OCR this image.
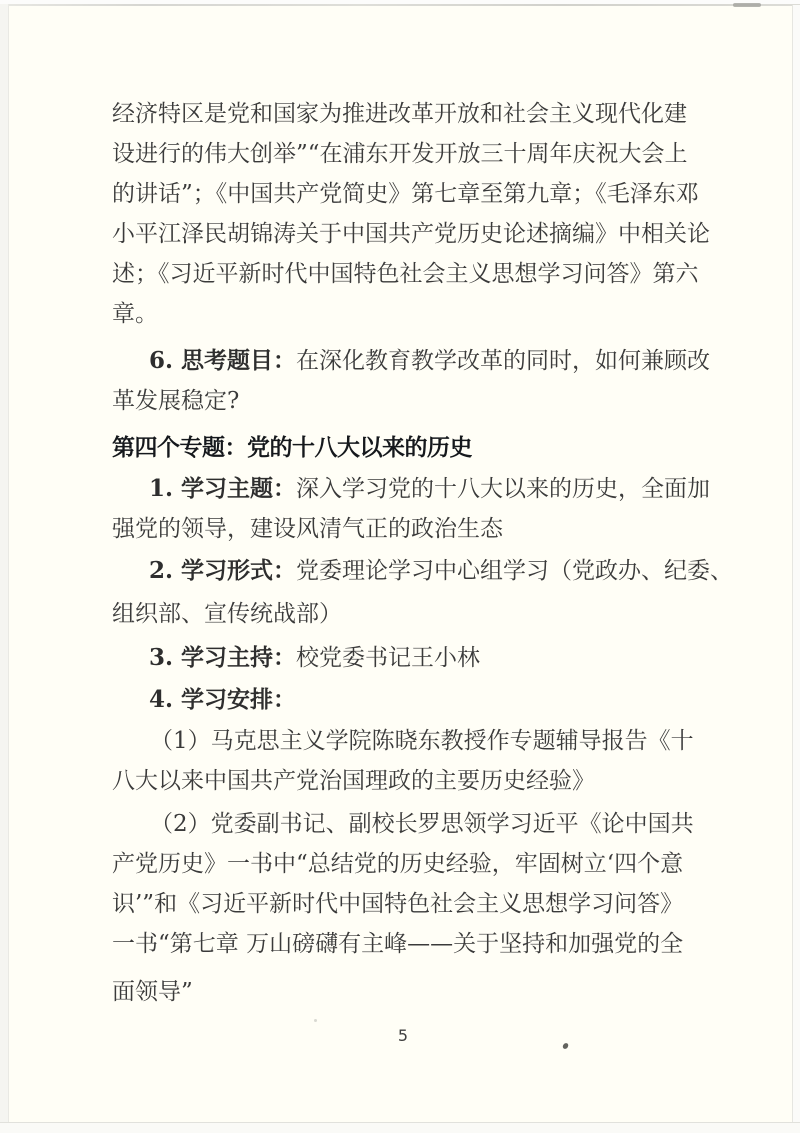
经济特区是党和国家为推进改革开放和社会主义现代化建
设进行的伟大创举”“在浦东开发开放三十周年庆祝大会上
的讲话”；《中国共产党简史》第七章至第九章；《毛泽东邓
小平江泽民胡锦涛关于中国共产党历史论述摘编》中相关论
述；《习近平新时代中国特色社会主义思想学习问答》第六
章。
6. 思考题目：在深化教育教学改革的同时，如何兼顾改
革发展稳定?
第四个专题：党的十八大以来的历史
1. 学习主题：深入学习党的十八大以来的历史，全面加
强党的领导，建设风清气正的政治生态
2. 学习形式：党委理论学习中心组学习（党政办、纪委、
组织部、宣传统战部）
3. 学习主持：校党委书记王小林
4. 学习安排：
（1）马克思主义学院陈晓东教授作专题辅导报告《十
八大以来中国共产党治国理政的主要历史经验》
（2）党委副书记、副校长罗思领学习近平《论中国共
产党历史》一书中“总结党的历史经验，牢固树立‘四个意
识’”和《习近平新时代中国特色社会主义思想学习问答》
一书“第七章 万山磅礴有主峰——关于坚持和加强党的全
面领导”
5
